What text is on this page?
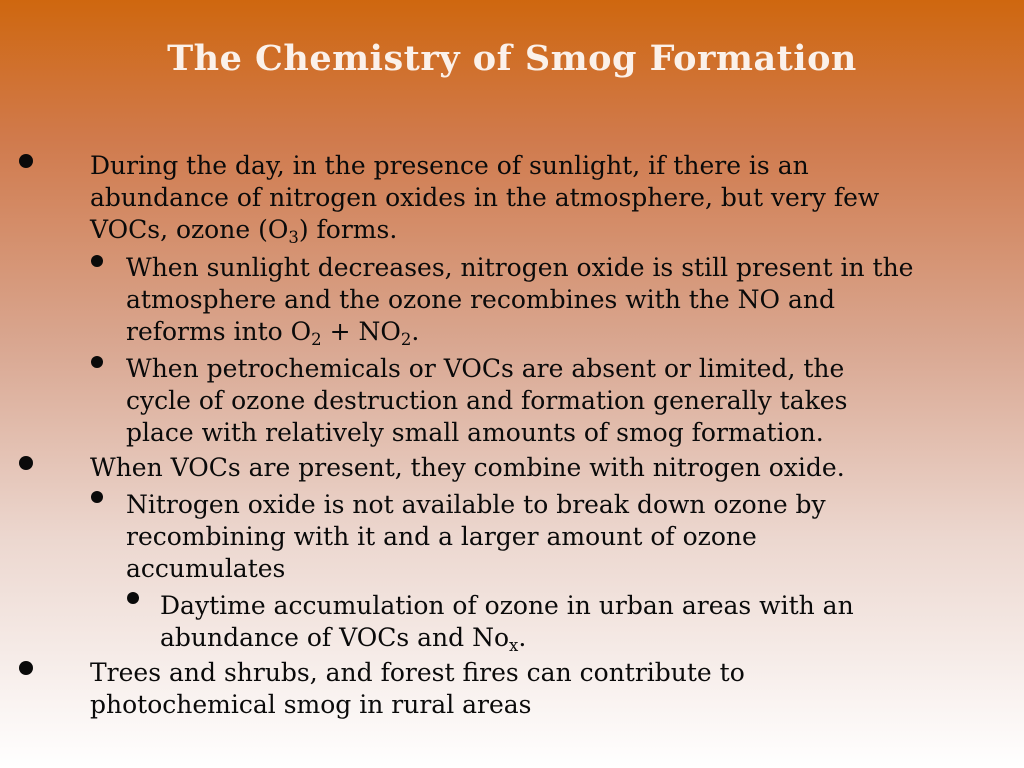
The Chemistry of Smog Formation
During the day, in the presence of sunlight, if there is an
abundance of nitrogen oxides in the atmosphere, but very few
VOCs, ozone $(O_3)$ forms.
When sunlight decreases, nitrogen oxide is still present in the
atmosphere and the ozone recombines with the NO and
reforms into $O_2 + NO_2$.
When petrochemicals or VOCs are absent or limited, the
cycle of ozone destruction and formation generally takes
place with relatively small amounts of smog formation.
When VOCs are present, they combine with nitrogen oxide.
Nitrogen oxide is not available to break down ozone by
recombining with it and a larger amount of ozone
accumulates
Daytime accumulation of ozone in urban areas with an
abundance of VOCs and $No_x$.
Trees and shrubs, and forest fires can contribute to
photochemical smog in rural areas
